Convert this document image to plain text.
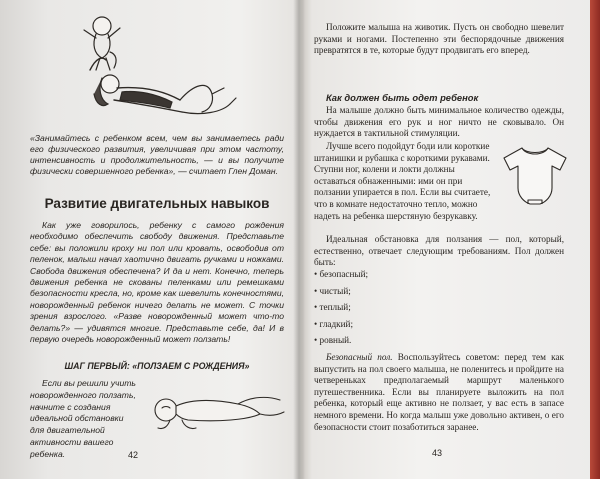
«Занимайтесь с ребенком всем, чем вы занимаетесь ради его физического развития, увеличивая при этом частоту, интенсивность и продолжительность, — и вы получите физически совершенного ребенка», — считает Глен Доман.

Развитие двигательных навыков

Как уже говорилось, ребенку с самого рождения необходимо обеспечить свободу движения. Представьте себе: вы положили кроху ни пол или кровать, освободив от пеленок, малыш начал хаотично двигать ручками и ножками. Свобода движения обеспечена? И да и нет. Конечно, теперь движения ребенка не скованы пеленками или ремешками безопасности кресла, но, кроме как шевелить конечностями, новорожденный ребенок ничего делать не может. С точки зрения взрослого. «Разве новорожденный может что-то делать?» — удивятся многие. Представьте себе, да! И в первую очередь новорожденный может ползать!

ШАГ ПЕРВЫЙ: «ПОЛЗАЕМ С РОЖДЕНИЯ»

Если вы решили учить новорожденного ползать, начните с создания идеальной обстановки для двигательной активности вашего ребенка.	42

Положите малыша на животик. Пусть он свободно шевелит руками и ногами. Постепенно эти беспорядочные движения превратятся в те, которые будут продвигать его вперед.

Как должен быть одет ребенок

На малыше должно быть минимальное количество одежды, чтобы движения его рук и ног ничто не сковывало. Он нуждается в тактильной стимуляции.

Лучше всего подойдут боди или короткие штанишки и рубашка с короткими рукавами. Ступни ног, колени и локти должны оставаться обнаженными: ими он при ползании упирается в пол. Если вы считаете, что в комнате недостаточно тепло, можно надеть на ребенка шерстяную безрукавку.

Идеальная обстановка для ползания — пол, который, естественно, отвечает следующим требованиям. Пол должен быть:

• безопасный;
• чистый;
• теплый;
• гладкий;
• ровный.

Безопасный пол. Воспользуйтесь советом: перед тем как выпустить на пол своего малыша, не поленитесь и пройдите на четвереньках предполагаемый маршрут маленького путешественника. Если вы планируете выложить на пол ребенка, который еще активно не ползает, у вас есть в запасе немного времени. Но когда малыш уже довольно активен, о его безопасности стоит позаботиться заранее.

43
